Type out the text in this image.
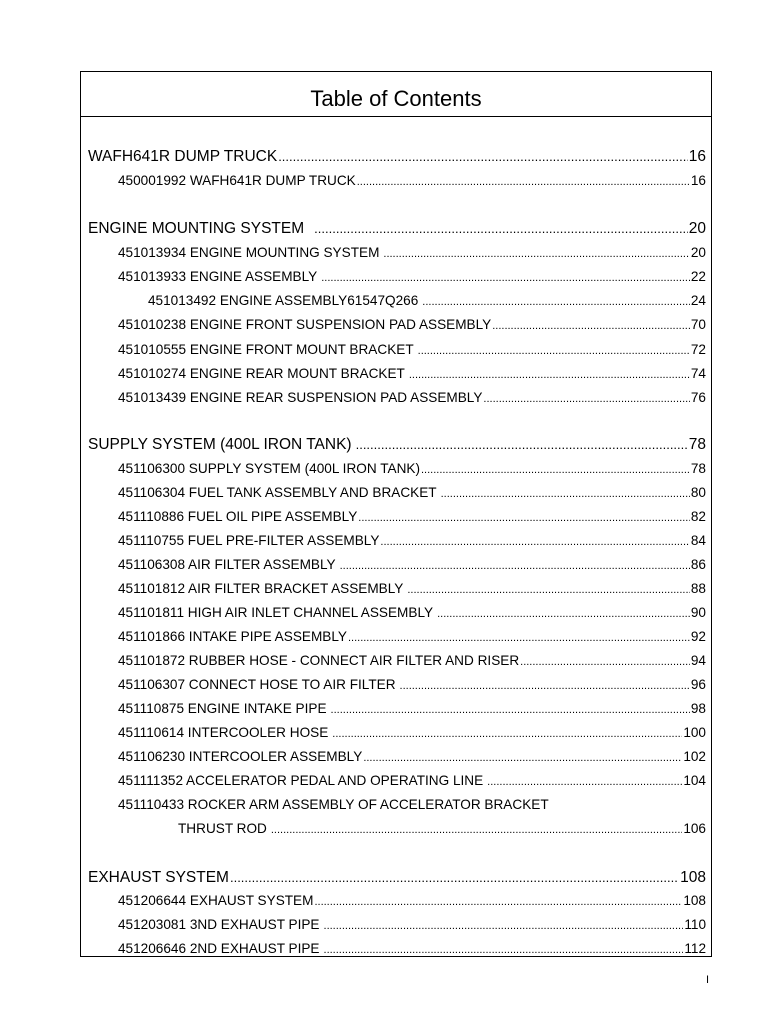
Table of Contents
WAFH641R DUMP TRUCK .....	16
450001992 WAFH641R DUMP TRUCK .....	16
ENGINE MOUNTING SYSTEM .....	20
451013934 ENGINE MOUNTING SYSTEM .....	20
451013933 ENGINE ASSEMBLY .....	22
451013492 ENGINE ASSEMBLY61547Q266 .....	24
451010238 ENGINE FRONT SUSPENSION PAD ASSEMBLY .....	70
451010555 ENGINE FRONT MOUNT BRACKET .....	72
451010274 ENGINE REAR MOUNT BRACKET .....	74
451013439 ENGINE REAR SUSPENSION PAD ASSEMBLY .....	76
SUPPLY SYSTEM (400L IRON TANK) .....	78
451106300 SUPPLY SYSTEM (400L IRON TANK) .....	78
451106304 FUEL TANK ASSEMBLY AND BRACKET .....	80
451110886 FUEL OIL PIPE ASSEMBLY .....	82
451110755 FUEL PRE-FILTER ASSEMBLY .....	84
451106308 AIR FILTER ASSEMBLY .....	86
451101812 AIR FILTER BRACKET ASSEMBLY .....	88
451101811 HIGH AIR INLET CHANNEL ASSEMBLY .....	90
451101866 INTAKE PIPE ASSEMBLY .....	92
451101872 RUBBER HOSE - CONNECT AIR FILTER AND RISER .....	94
451106307 CONNECT HOSE TO AIR FILTER .....	96
451110875 ENGINE INTAKE PIPE .....	98
451110614 INTERCOOLER HOSE .....	100
451106230 INTERCOOLER ASSEMBLY .....	102
451111352 ACCELERATOR PEDAL AND OPERATING LINE .....	104
451110433 ROCKER ARM ASSEMBLY OF ACCELERATOR BRACKET
THRUST ROD .....	106
EXHAUST SYSTEM .....	108
451206644 EXHAUST SYSTEM .....	108
451203081 3ND EXHAUST PIPE .....	110
451206646 2ND EXHAUST PIPE .....	112
I
